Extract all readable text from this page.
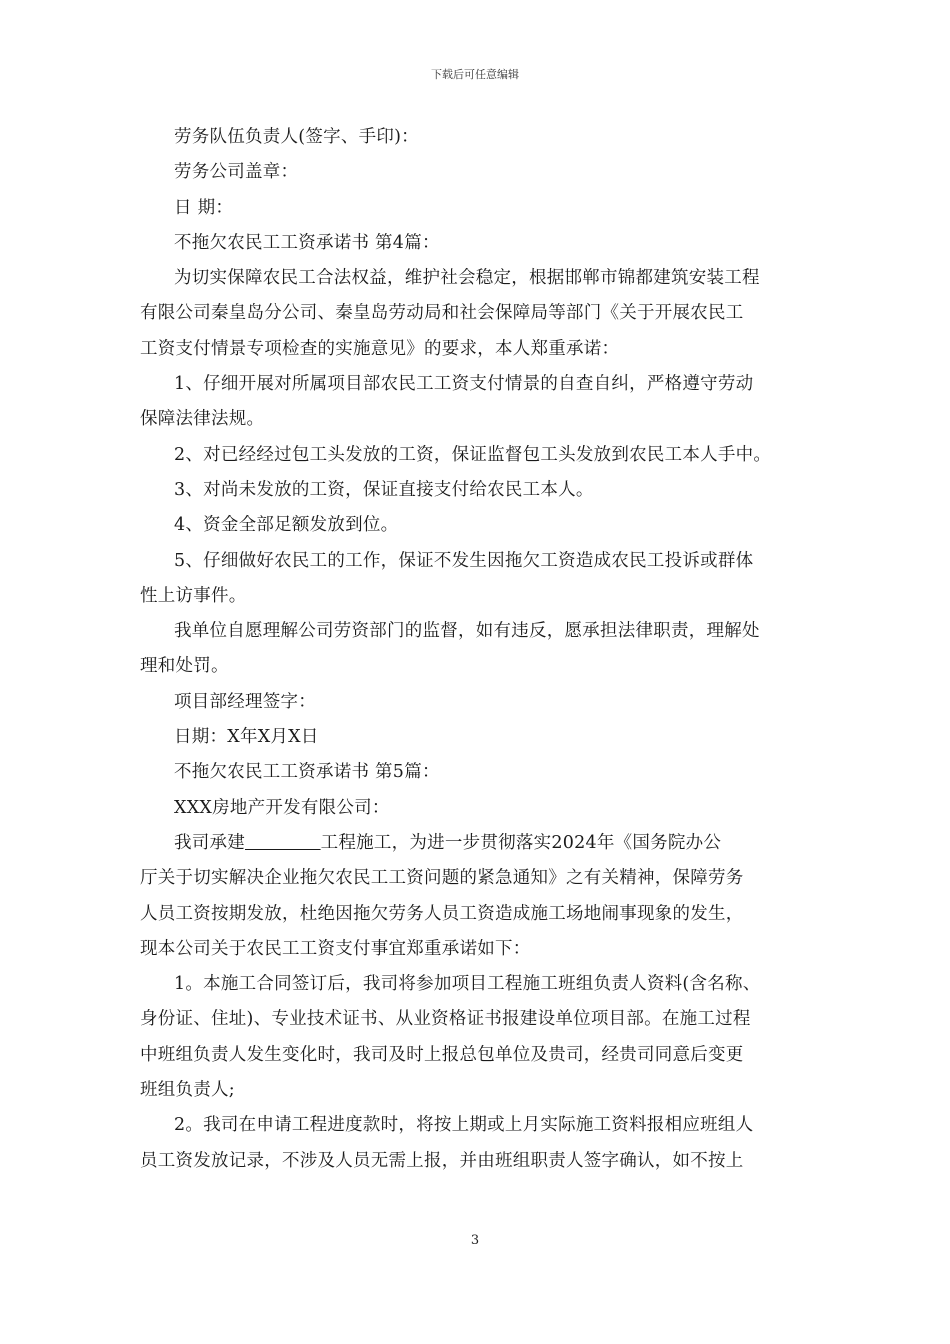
下载后可任意编辑
劳务队伍负责人(签字、手印)：
劳务公司盖章：
日 期：
不拖欠农民工工资承诺书 第4篇：
为切实保障农民工合法权益，维护社会稳定，根据邯郸市锦都建筑安装工程
有限公司秦皇岛分公司、秦皇岛劳动局和社会保障局等部门《关于开展农民工
工资支付情景专项检查的实施意见》的要求，本人郑重承诺：
1、仔细开展对所属项目部农民工工资支付情景的自查自纠，严格遵守劳动
保障法律法规。
2、对已经经过包工头发放的工资，保证监督包工头发放到农民工本人手中。
3、对尚未发放的工资，保证直接支付给农民工本人。
4、资金全部足额发放到位。
5、仔细做好农民工的工作，保证不发生因拖欠工资造成农民工投诉或群体
性上访事件。
我单位自愿理解公司劳资部门的监督，如有违反，愿承担法律职责，理解处
理和处罚。
项目部经理签字：
日期：X年X月X日
不拖欠农民工工资承诺书 第5篇：
XXX房地产开发有限公司：
我司承建	工程施工，为进一步贯彻落实2024年《国务院办公
厅关于切实解决企业拖欠农民工工资问题的紧急通知》之有关精神，保障劳务
人员工资按期发放，杜绝因拖欠劳务人员工资造成施工场地闹事现象的发生，
现本公司关于农民工工资支付事宜郑重承诺如下：
1。本施工合同签订后，我司将参加项目工程施工班组负责人资料(含名称、
身份证、住址)、专业技术证书、从业资格证书报建设单位项目部。在施工过程
中班组负责人发生变化时，我司及时上报总包单位及贵司，经贵司同意后变更
班组负责人;
2。我司在申请工程进度款时，将按上期或上月实际施工资料报相应班组人
员工资发放记录，不涉及人员无需上报，并由班组职责人签字确认，如不按上
3
